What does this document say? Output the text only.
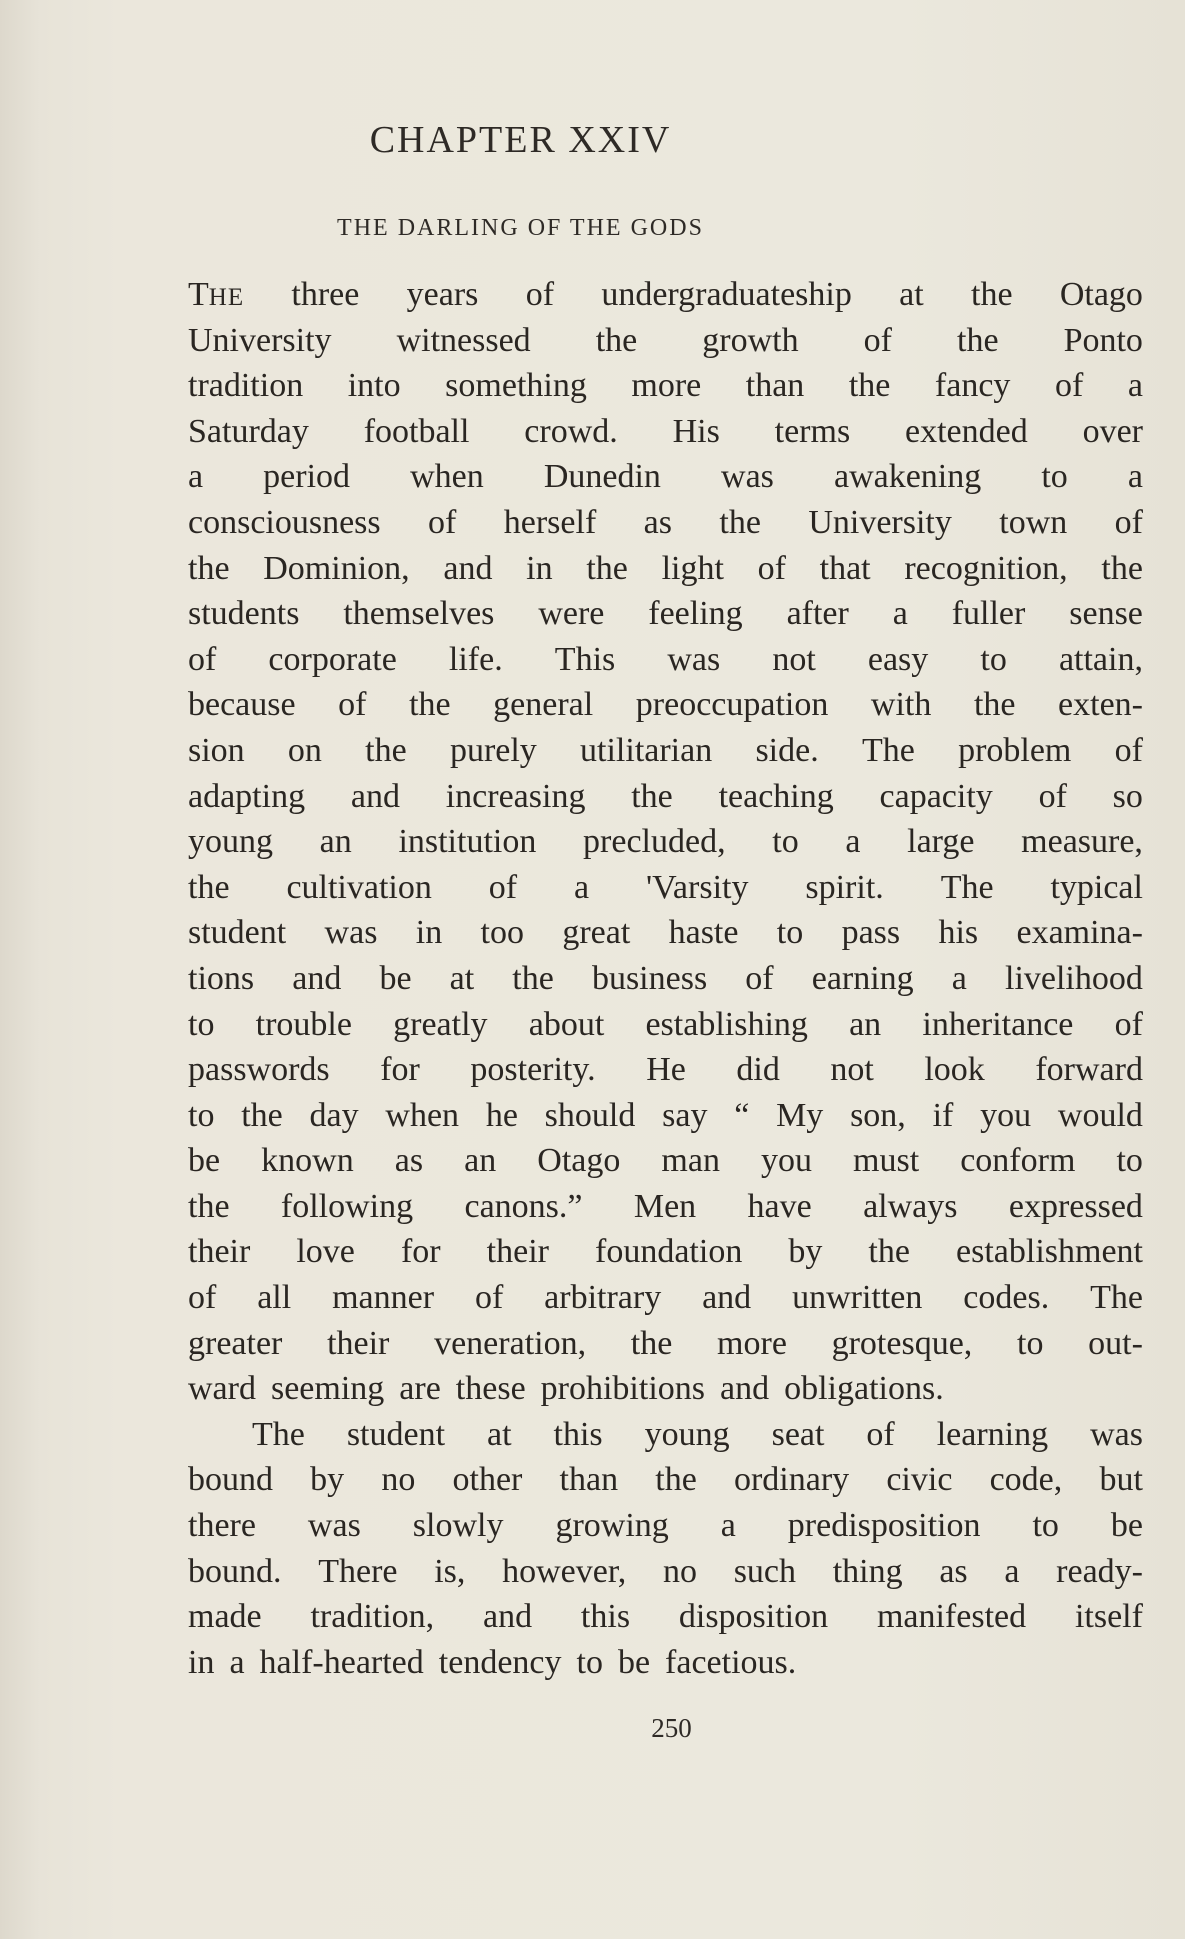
CHAPTER XXIV
THE DARLING OF THE GODS
THE three years of undergraduateship at the Otago
University witnessed the growth of the Ponto
tradition into something more than the fancy of a
Saturday football crowd. His terms extended over
a period when Dunedin was awakening to a
consciousness of herself as the University town of
the Dominion, and in the light of that recognition, the
students themselves were feeling after a fuller sense
of corporate life. This was not easy to attain,
because of the general preoccupation with the exten-
sion on the purely utilitarian side. The problem of
adapting and increasing the teaching capacity of so
young an institution precluded, to a large measure,
the cultivation of a 'Varsity spirit. The typical
student was in too great haste to pass his examina-
tions and be at the business of earning a livelihood
to trouble greatly about establishing an inheritance of
passwords for posterity. He did not look forward
to the day when he should say “ My son, if you would
be known as an Otago man you must conform to
the following canons.” Men have always expressed
their love for their foundation by the establishment
of all manner of arbitrary and unwritten codes. The
greater their veneration, the more grotesque, to out-
ward seeming are these prohibitions and obligations.
The student at this young seat of learning was
bound by no other than the ordinary civic code, but
there was slowly growing a predisposition to be
bound. There is, however, no such thing as a ready-
made tradition, and this disposition manifested itself
in a half-hearted tendency to be facetious.
250
